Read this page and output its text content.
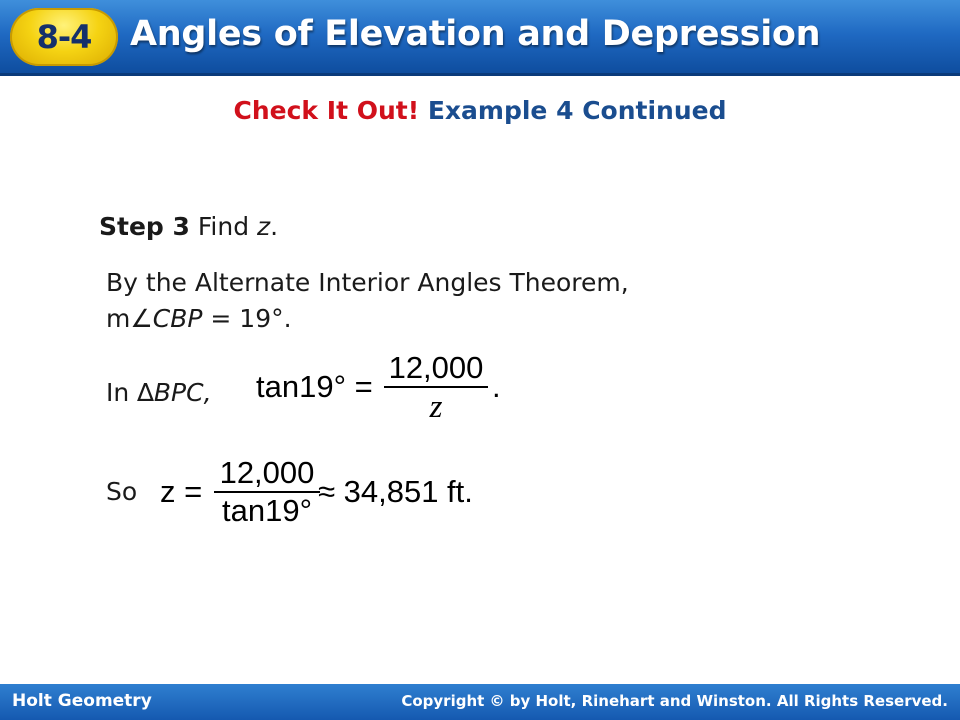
8-4 Angles of Elevation and Depression
Check It Out! Example 4 Continued
Step 3 Find z.
By the Alternate Interior Angles Theorem,
m∠CBP = 19°.
In ∆BPC, tan19° =
12,000
z
.
So z =
12,000
tan19°
≈ 34,851 ft.
Holt Geometry	Copyright © by Holt, Rinehart and Winston. All Rights Reserved.
